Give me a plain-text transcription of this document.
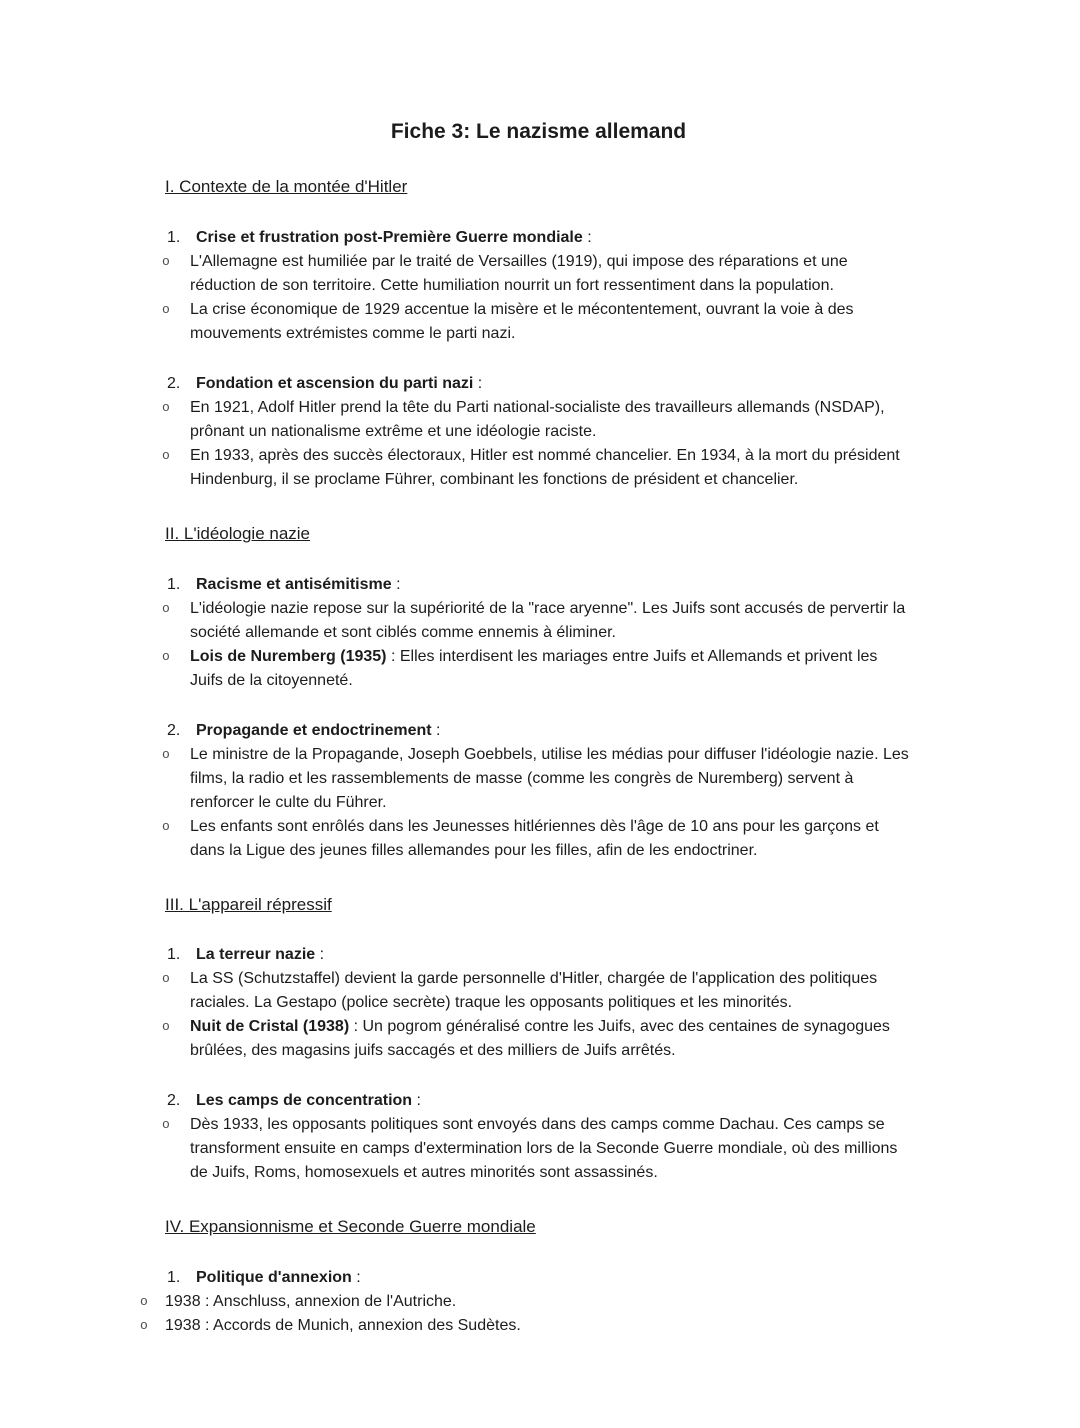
Fiche 3: Le nazisme allemand
I. Contexte de la montée d'Hitler
1. Crise et frustration post-Première Guerre mondiale :
o L'Allemagne est humiliée par le traité de Versailles (1919), qui impose des réparations et une réduction de son territoire. Cette humiliation nourrit un fort ressentiment dans la population.
o La crise économique de 1929 accentue la misère et le mécontentement, ouvrant la voie à des mouvements extrémistes comme le parti nazi.
2. Fondation et ascension du parti nazi :
o En 1921, Adolf Hitler prend la tête du Parti national-socialiste des travailleurs allemands (NSDAP), prônant un nationalisme extrême et une idéologie raciste.
o En 1933, après des succès électoraux, Hitler est nommé chancelier. En 1934, à la mort du président Hindenburg, il se proclame Führer, combinant les fonctions de président et chancelier.
II. L'idéologie nazie
1. Racisme et antisémitisme :
o L'idéologie nazie repose sur la supériorité de la "race aryenne". Les Juifs sont accusés de pervertir la société allemande et sont ciblés comme ennemis à éliminer.
o Lois de Nuremberg (1935) : Elles interdisent les mariages entre Juifs et Allemands et privent les Juifs de la citoyenneté.
2. Propagande et endoctrinement :
o Le ministre de la Propagande, Joseph Goebbels, utilise les médias pour diffuser l'idéologie nazie. Les films, la radio et les rassemblements de masse (comme les congrès de Nuremberg) servent à renforcer le culte du Führer.
o Les enfants sont enrôlés dans les Jeunesses hitlériennes dès l'âge de 10 ans pour les garçons et dans la Ligue des jeunes filles allemandes pour les filles, afin de les endoctriner.
III. L'appareil répressif
1. La terreur nazie :
o La SS (Schutzstaffel) devient la garde personnelle d'Hitler, chargée de l'application des politiques raciales. La Gestapo (police secrète) traque les opposants politiques et les minorités.
o Nuit de Cristal (1938) : Un pogrom généralisé contre les Juifs, avec des centaines de synagogues brûlées, des magasins juifs saccagés et des milliers de Juifs arrêtés.
2. Les camps de concentration :
o Dès 1933, les opposants politiques sont envoyés dans des camps comme Dachau. Ces camps se transforment ensuite en camps d'extermination lors de la Seconde Guerre mondiale, où des millions de Juifs, Roms, homosexuels et autres minorités sont assassinés.
IV. Expansionnisme et Seconde Guerre mondiale
1. Politique d'annexion :
o 1938 : Anschluss, annexion de l'Autriche.
o 1938 : Accords de Munich, annexion des Sudètes.
